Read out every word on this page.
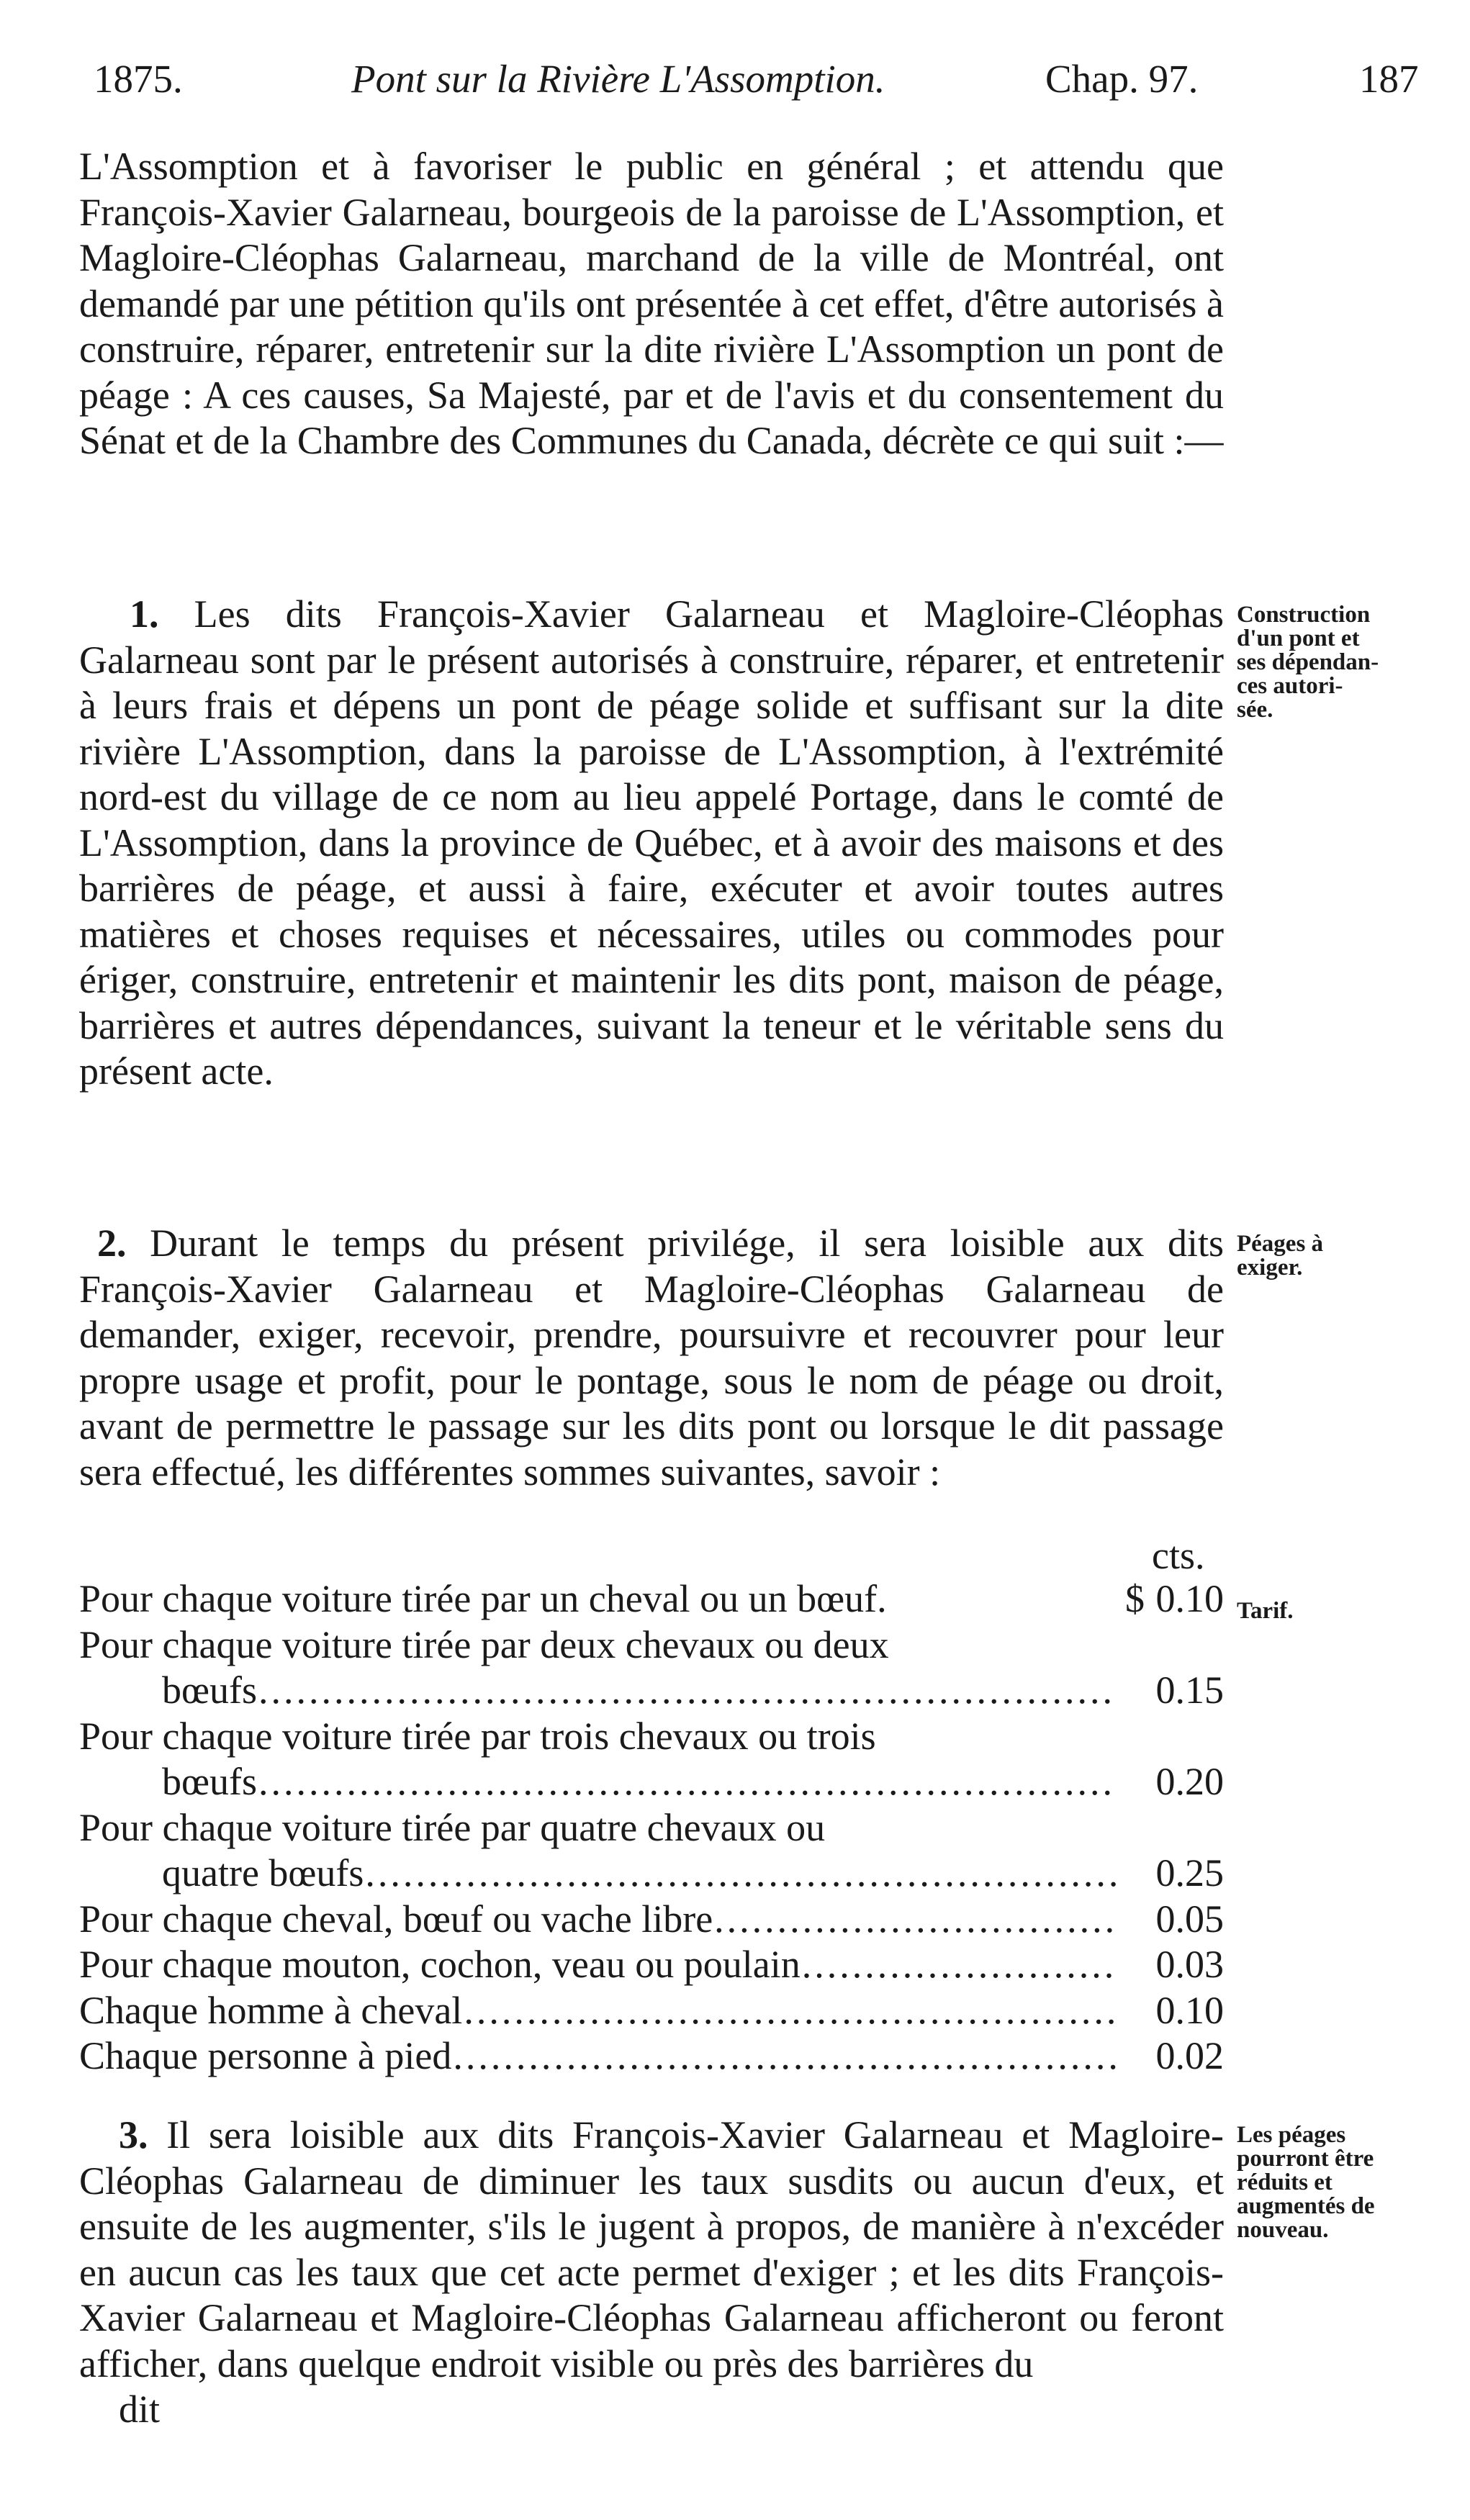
1875.	Pont sur la Rivière L'Assomption.	Chap. 97.	187

L'Assomption et à favoriser le public en général ; et attendu que François-Xavier Galarneau, bourgeois de la paroisse de L'Assomption, et Magloire-Cléophas Galarneau, marchand de la ville de Montréal, ont demandé par une pétition qu'ils ont présentée à cet effet, d'être autorisés à construire, réparer, entretenir sur la dite rivière L'Assomption un pont de péage : A ces causes, Sa Majesté, par et de l'avis et du consentement du Sénat et de la Chambre des Communes du Canada, décrète ce qui suit :—

1. Les dits François-Xavier Galarneau et Magloire-Cléophas Galarneau sont par le présent autorisés à construire, réparer, et entretenir à leurs frais et dépens un pont de péage solide et suffisant sur la dite rivière L'Assomption, dans la paroisse de L'Assomption, à l'extrémité nord-est du village de ce nom au lieu appelé Portage, dans le comté de L'Assomption, dans la province de Québec, et à avoir des maisons et des barrières de péage, et aussi à faire, exécuter et avoir toutes autres matières et choses requises et nécessaires, utiles ou commodes pour ériger, construire, entretenir et maintenir les dits pont, maison de péage, barrières et autres dépendances, suivant la teneur et le véritable sens du présent acte.

Construction
d'un pont et
ses dépendan-
ces autori-
sée.

2. Durant le temps du présent privilége, il sera loisible aux dits François-Xavier Galarneau et Magloire-Cléophas Galarneau de demander, exiger, recevoir, prendre, poursuivre et recouvrer pour leur propre usage et profit, pour le pontage, sous le nom de péage ou droit, avant de permettre le passage sur les dits pont ou lorsque le dit passage sera effectué, les différentes sommes suivantes, savoir :

Péages à
exiger.
cts.
Pour chaque voiture tirée par un cheval ou un bœuf.	$ 0.10
Pour chaque voiture tirée par deux chevaux ou deux
bœufs .....	0.15
Pour chaque voiture tirée par trois chevaux ou trois
bœufs .....	0.20
Pour chaque voiture tirée par quatre chevaux ou
quatre bœufs .....	0.25
Pour chaque cheval, bœuf ou vache libre .....	0.05
Pour chaque mouton, cochon, veau ou poulain .....	0.03
Chaque homme à cheval .....	0.10
Chaque personne à pied .....	0.02
Tarif.

3. Il sera loisible aux dits François-Xavier Galarneau et Magloire-Cléophas Galarneau de diminuer les taux susdits ou aucun d'eux, et ensuite de les augmenter, s'ils le jugent à propos, de manière à n'excéder en aucun cas les taux que cet acte permet d'exiger ; et les dits François-Xavier Galarneau et Magloire-Cléophas Galarneau afficheront ou feront afficher, dans quelque endroit visible ou près des barrières du
dit

Les péages
pourront être
réduits et
augmentés de
nouveau.
